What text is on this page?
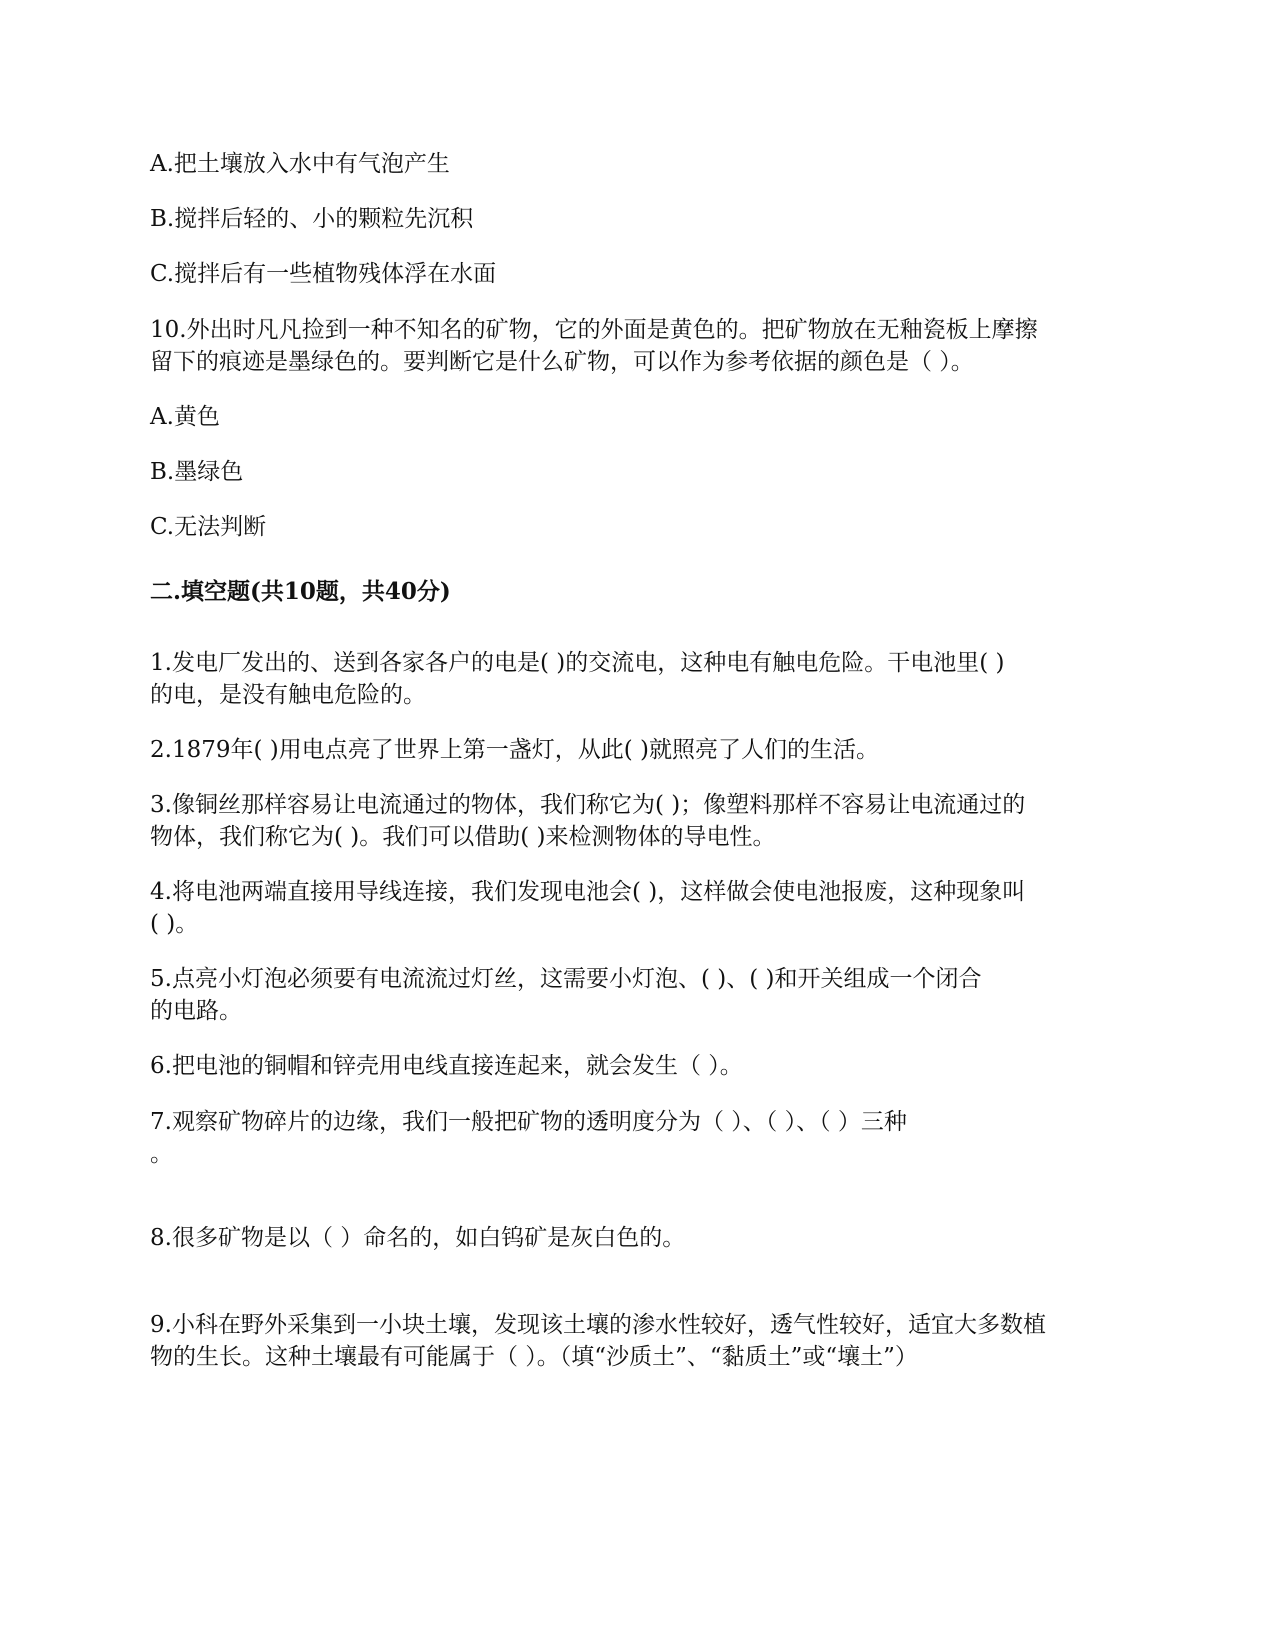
A.把土壤放入水中有气泡产生
B.搅拌后轻的、小的颗粒先沉积
C.搅拌后有一些植物残体浮在水面
10.外出时凡凡捡到一种不知名的矿物，它的外面是黄色的。把矿物放在无釉瓷板上摩擦
留下的痕迹是墨绿色的。要判断它是什么矿物，可以作为参考依据的颜色是（ ）。
A.黄色
B.墨绿色
C.无法判断
二.填空题(共10题，共40分)
1.发电厂发出的、送到各家各户的电是( )的交流电，这种电有触电危险。干电池里( )
的电，是没有触电危险的。
2.1879年( )用电点亮了世界上第一盏灯，从此( )就照亮了人们的生活。
3.像铜丝那样容易让电流通过的物体，我们称它为( )；像塑料那样不容易让电流通过的
物体，我们称它为( )。我们可以借助( )来检测物体的导电性。
4.将电池两端直接用导线连接，我们发现电池会( )，这样做会使电池报废，这种现象叫
( )。
5.点亮小灯泡必须要有电流流过灯丝，这需要小灯泡、( )、( )和开关组成一个闭合
的电路。
6.把电池的铜帽和锌壳用电线直接连起来，就会发生（ ）。
7.观察矿物碎片的边缘，我们一般把矿物的透明度分为（ ）、（ ）、（ ）三种
。
8.很多矿物是以（ ）命名的，如白钨矿是灰白色的。
9.小科在野外采集到一小块土壤，发现该土壤的渗水性较好，透气性较好，适宜大多数植
物的生长。这种土壤最有可能属于（ ）。（填“沙质土”、“黏质土”或“壤土”）
